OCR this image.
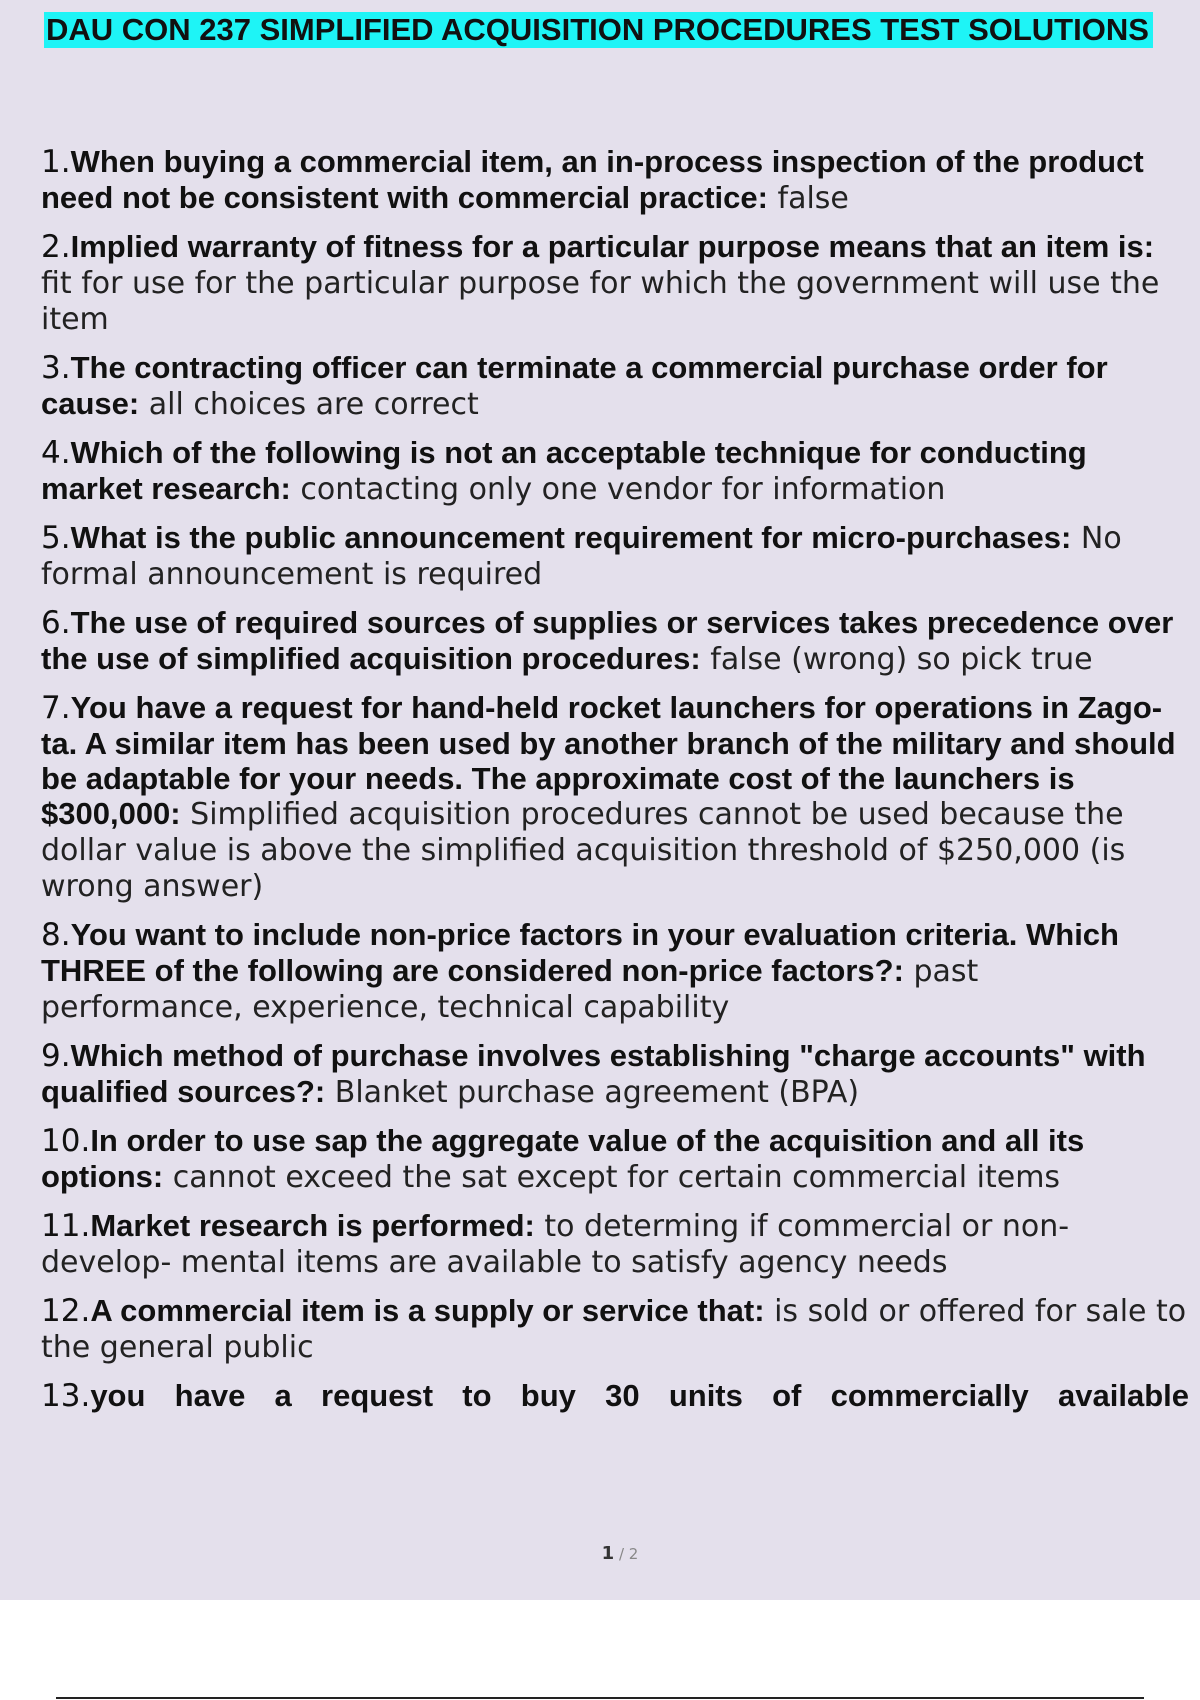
DAU CON 237 SIMPLIFIED ACQUISITION PROCEDURES TEST SOLUTIONS
1.When buying a commercial item, an in-process inspection of the product need not be consistent with commercial practice: false
2.Implied warranty of fitness for a particular purpose means that an item is: fit for use for the particular purpose for which the government will use the item
3.The contracting officer can terminate a commercial purchase order for cause: all choices are correct
4.Which of the following is not an acceptable technique for conducting market research: contacting only one vendor for information
5.What is the public announcement requirement for micro-purchases: No formal announcement is required
6.The use of required sources of supplies or services takes precedence over the use of simplified acquisition procedures: false (wrong) so pick true
7.You have a request for hand-held rocket launchers for operations in Zago- ta. A similar item has been used by another branch of the military and should be adaptable for your needs. The approximate cost of the launchers is $300,000: Simplified acquisition procedures cannot be used because the dollar value is above the simplified acquisition threshold of $250,000 (is wrong answer)
8.You want to include non-price factors in your evaluation criteria. Which THREE of the following are considered non-price factors?: past performance, experience, technical capability
9.Which method of purchase involves establishing "charge accounts" with qualified sources?: Blanket purchase agreement (BPA)
10.In order to use sap the aggregate value of the acquisition and all its options: cannot exceed the sat except for certain commercial items
11.Market research is performed: to determing if commercial or non-develop- mental items are available to satisfy agency needs
12.A commercial item is a supply or service that: is sold or offered for sale to the general public
13.you have a request to buy 30 units of commercially available
1 / 2
